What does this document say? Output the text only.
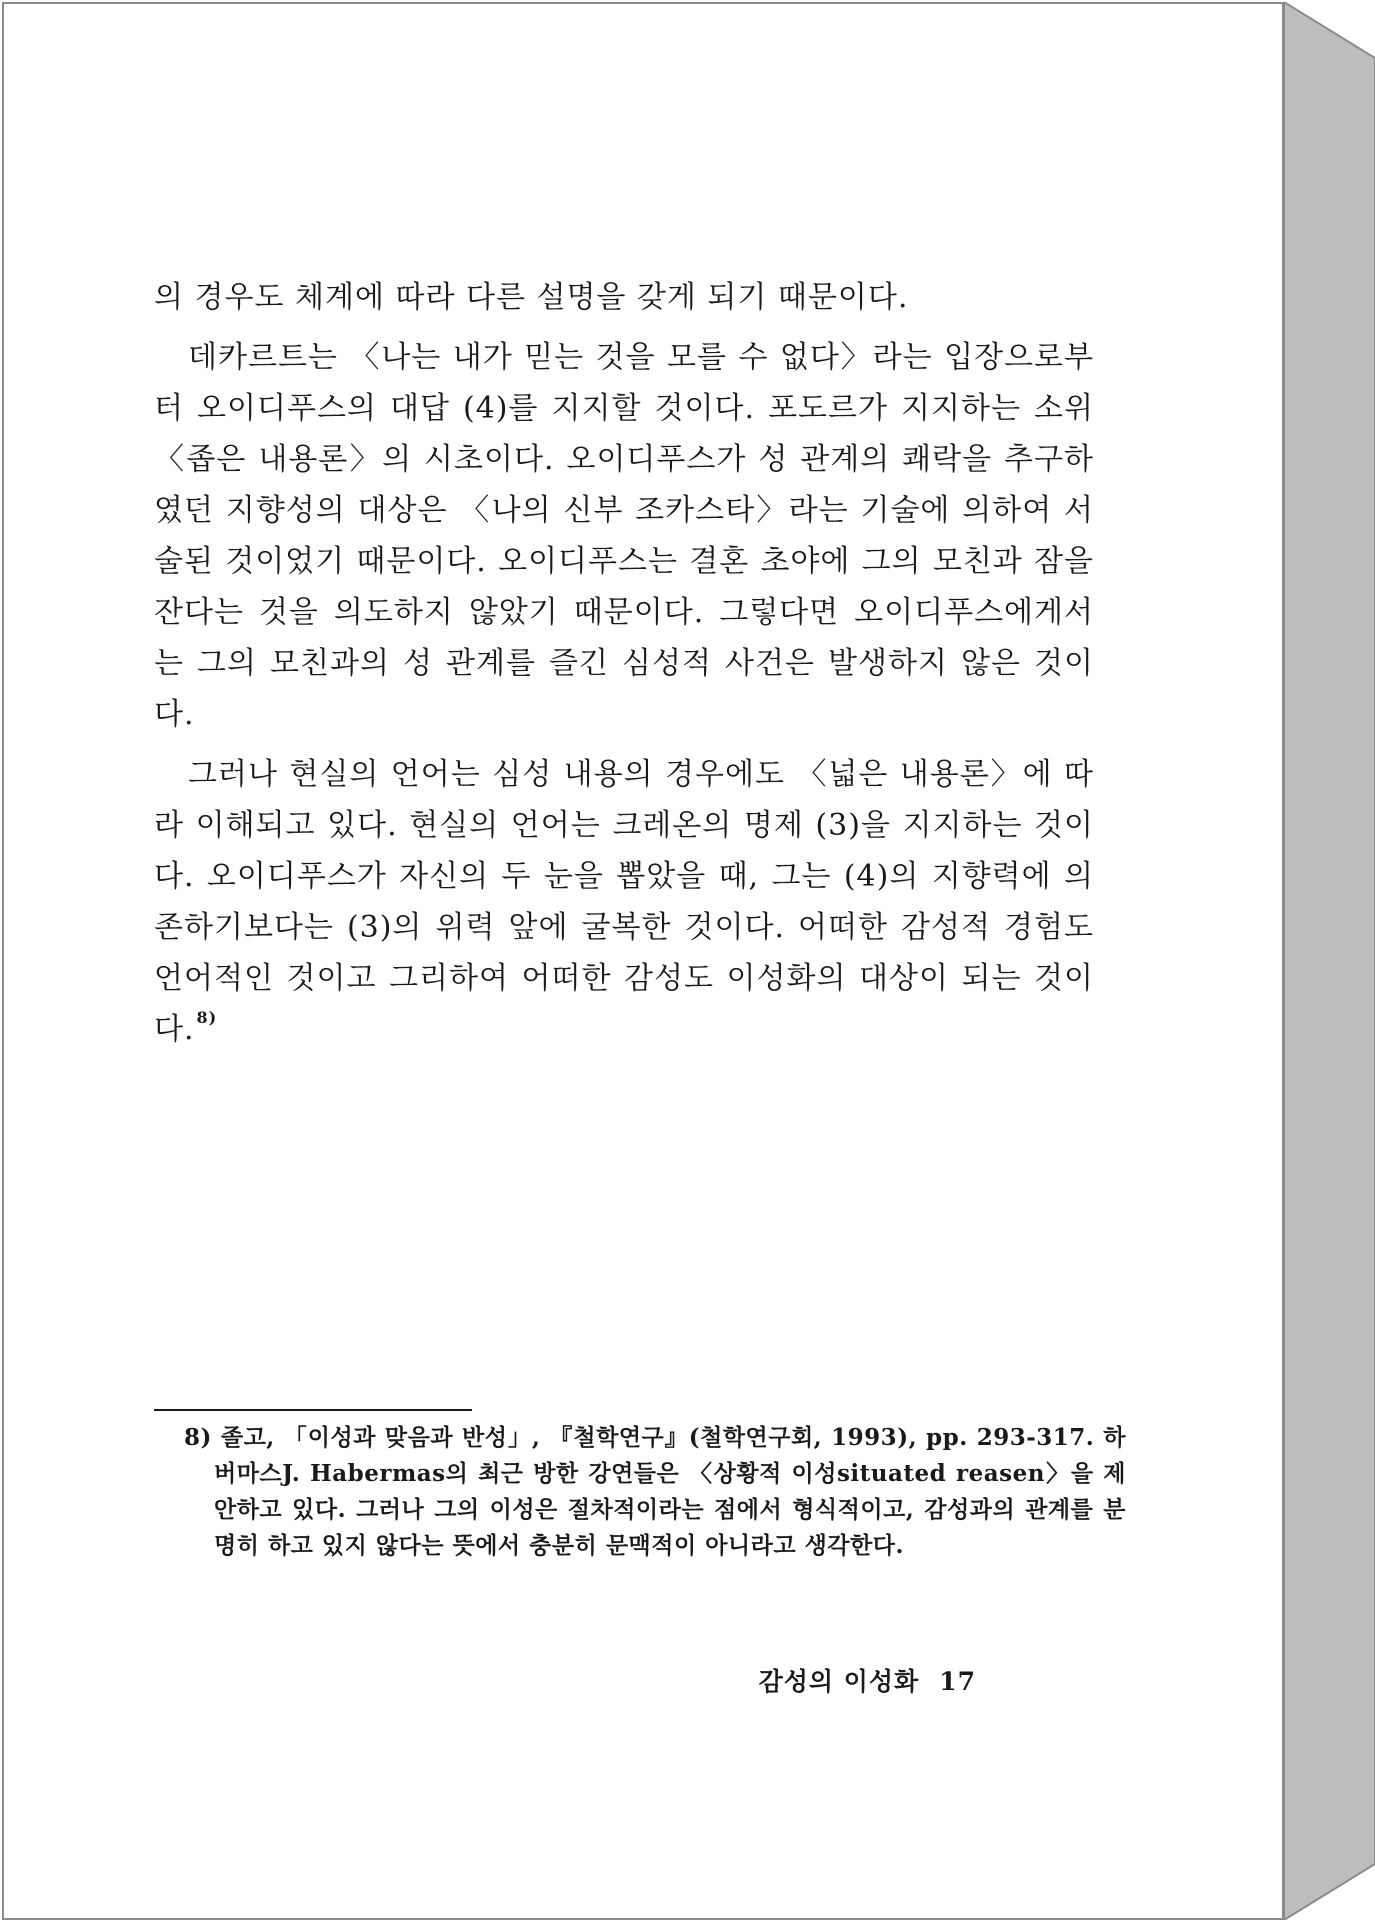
의 경우도 체계에 따라 다른 설명을 갖게 되기 때문이다.

데카르트는 〈나는 내가 믿는 것을 모를 수 없다〉라는 입장으로부터 오이디푸스의 대답 (4)를 지지할 것이다. 포도르가 지지하는 소위 〈좁은 내용론〉의 시초이다. 오이디푸스가 성 관계의 쾌락을 추구하였던 지향성의 대상은 〈나의 신부 조카스타〉라는 기술에 의하여 서술된 것이었기 때문이다. 오이디푸스는 결혼 초야에 그의 모친과 잠을 잔다는 것을 의도하지 않았기 때문이다. 그렇다면 오이디푸스에게서는 그의 모친과의 성 관계를 즐긴 심성적 사건은 발생하지 않은 것이다.

그러나 현실의 언어는 심성 내용의 경우에도 〈넓은 내용론〉에 따라 이해되고 있다. 현실의 언어는 크레온의 명제 (3)을 지지하는 것이다. 오이디푸스가 자신의 두 눈을 뽑았을 때, 그는 (4)의 지향력에 의존하기보다는 (3)의 위력 앞에 굴복한 것이다. 어떠한 감성적 경험도 언어적인 것이고 그리하여 어떠한 감성도 이성화의 대상이 되는 것이다. $^{8)}$

8) 졸고, 「이성과 맞음과 반성」, 『철학연구』(철학연구회, 1993), pp. 293-317. 하버마스J. Habermas의 최근 방한 강연들은 〈상황적 이성situated reasen〉을 제안하고 있다. 그러나 그의 이성은 절차적이라는 점에서 형식적이고, 감성과의 관계를 분명히 하고 있지 않다는 뜻에서 충분히 문맥적이 아니라고 생각한다.
감성의 이성화 17
